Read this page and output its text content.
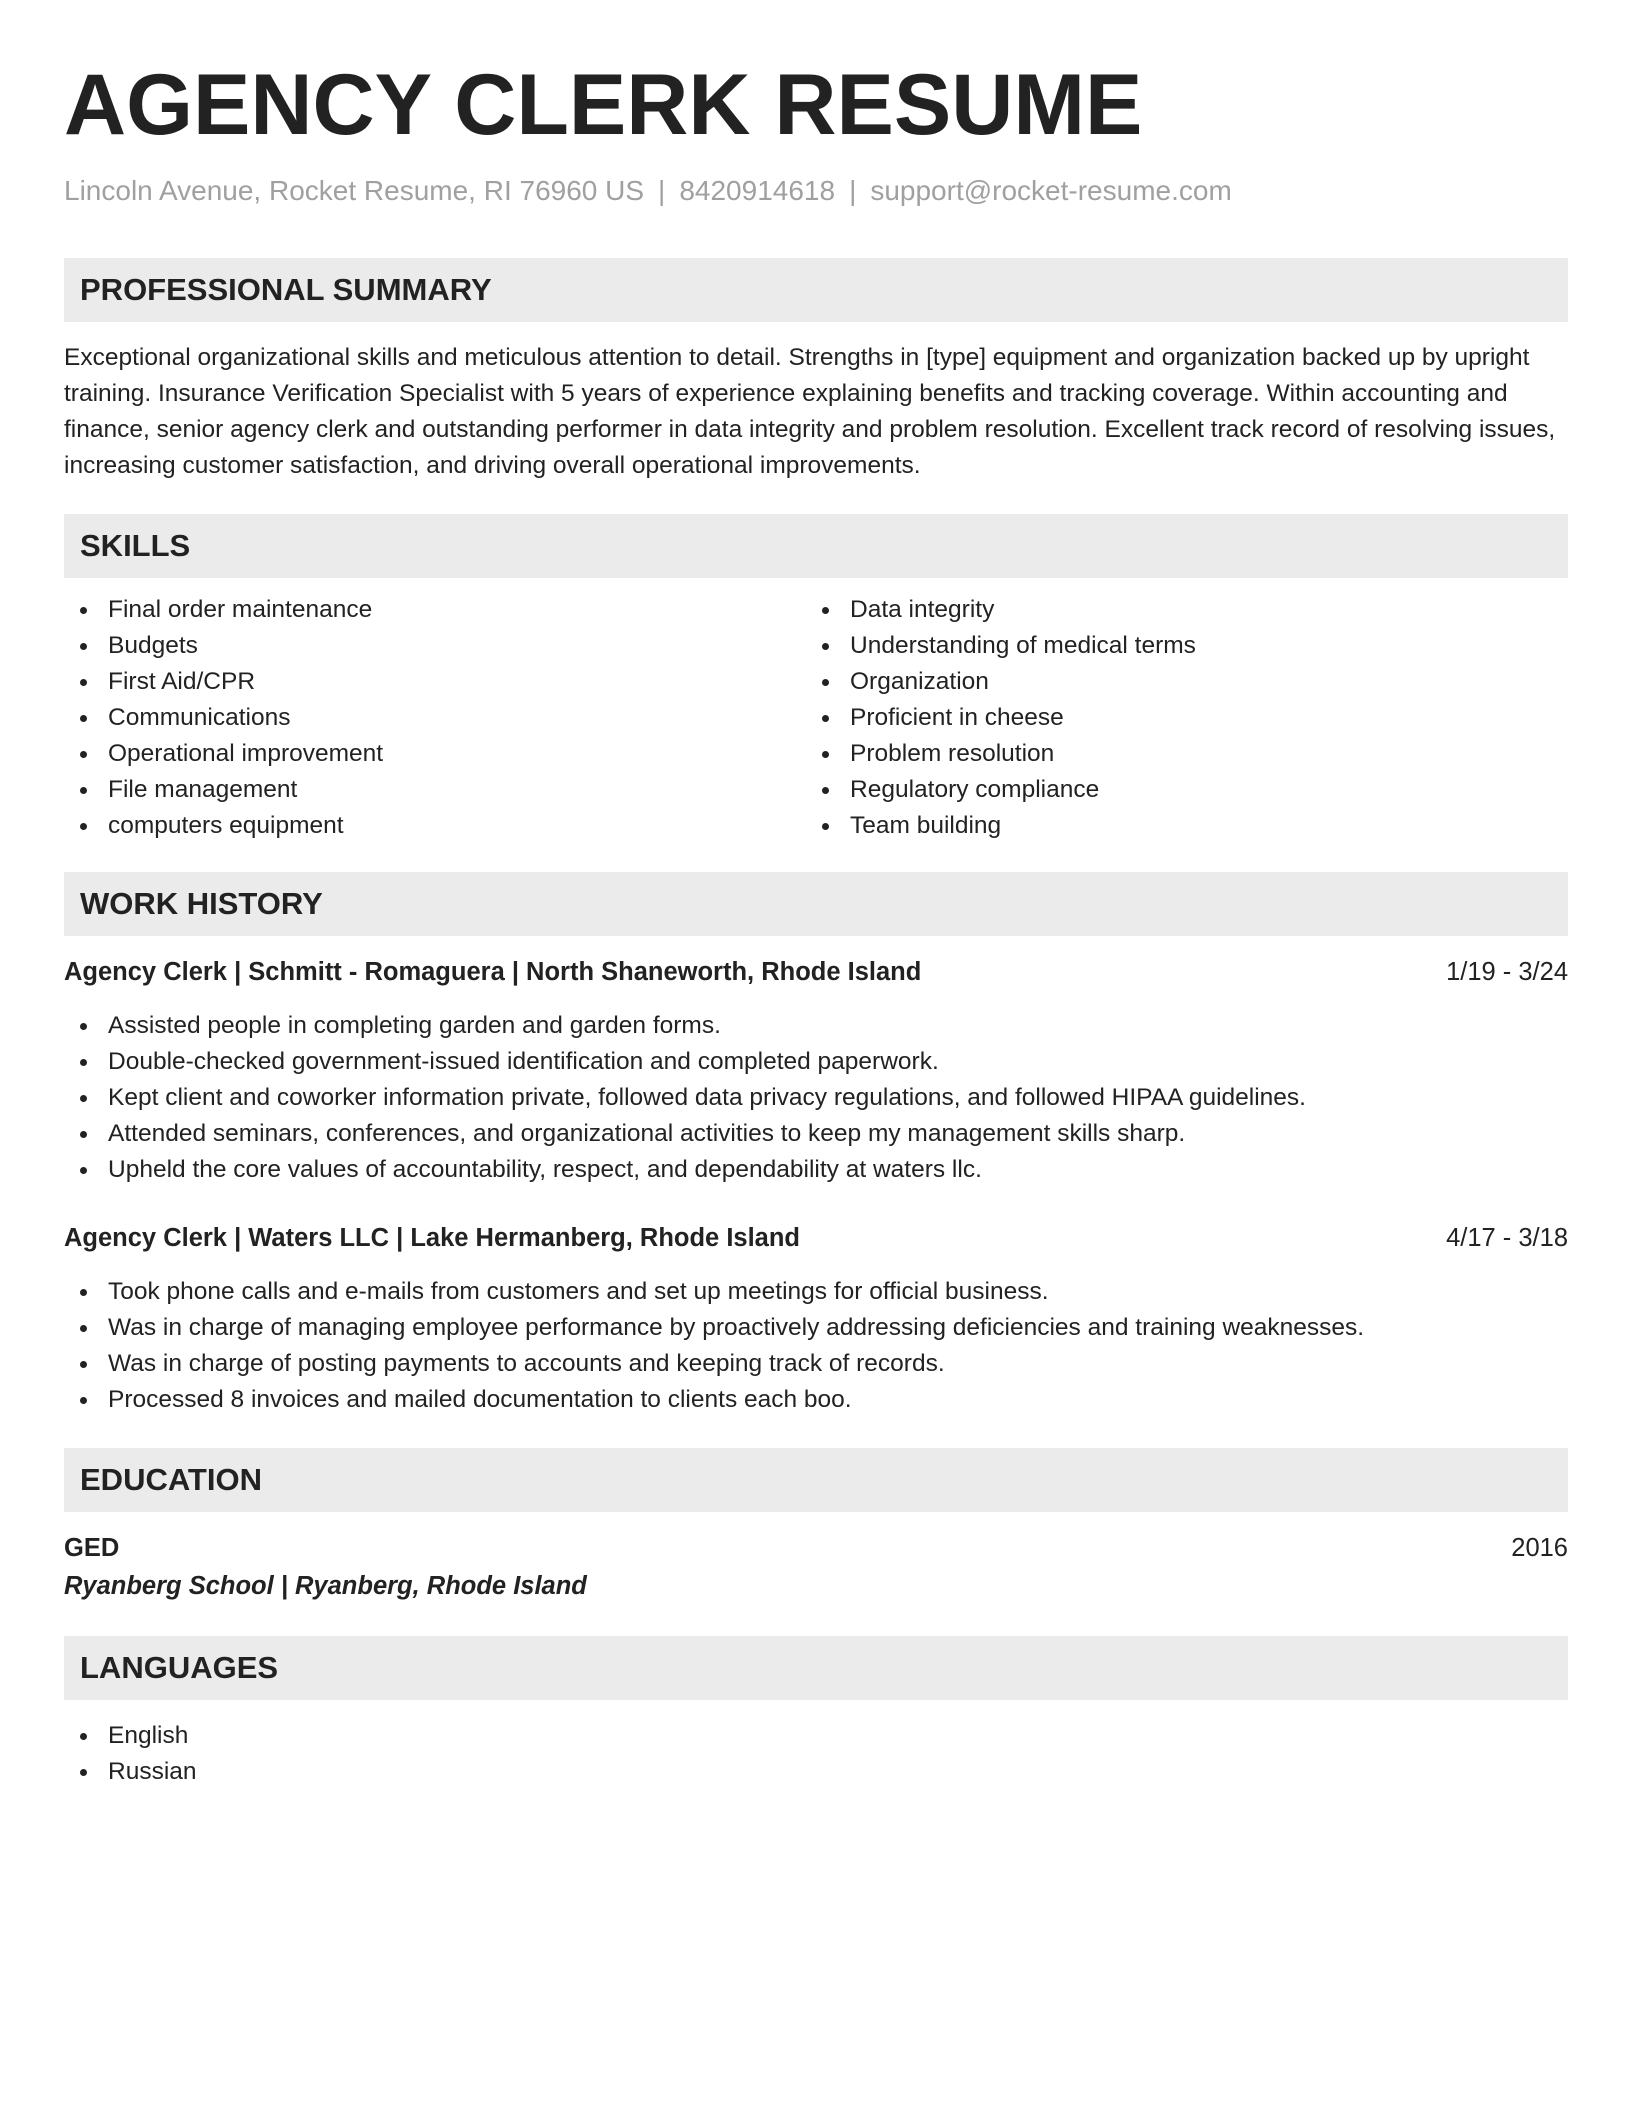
AGENCY CLERK RESUME
Lincoln Avenue, Rocket Resume, RI 76960 US | 8420914618 | support@rocket-resume.com
PROFESSIONAL SUMMARY

Exceptional organizational skills and meticulous attention to detail. Strengths in [type] equipment and organization backed up by upright training. Insurance Verification Specialist with 5 years of experience explaining benefits and tracking coverage. Within accounting and finance, senior agency clerk and outstanding performer in data integrity and problem resolution. Excellent track record of resolving issues, increasing customer satisfaction, and driving overall operational improvements.

SKILLS
Final order maintenance
Budgets
First Aid/CPR
Communications
Operational improvement
File management
computers equipment
Data integrity
Understanding of medical terms
Organization
Proficient in cheese
Problem resolution
Regulatory compliance
Team building
WORK HISTORY
Agency Clerk | Schmitt - Romaguera | North Shaneworth, Rhode Island	1/19 - 3/24
Assisted people in completing garden and garden forms.
Double-checked government-issued identification and completed paperwork.
Kept client and coworker information private, followed data privacy regulations, and followed HIPAA guidelines.
Attended seminars, conferences, and organizational activities to keep my management skills sharp.
Upheld the core values of accountability, respect, and dependability at waters llc.
Agency Clerk | Waters LLC | Lake Hermanberg, Rhode Island	4/17 - 3/18
Took phone calls and e-mails from customers and set up meetings for official business.
Was in charge of managing employee performance by proactively addressing deficiencies and training weaknesses.
Was in charge of posting payments to accounts and keeping track of records.
Processed 8 invoices and mailed documentation to clients each boo.
EDUCATION
GED	2016
Ryanberg School | Ryanberg, Rhode Island
LANGUAGES
English
Russian
